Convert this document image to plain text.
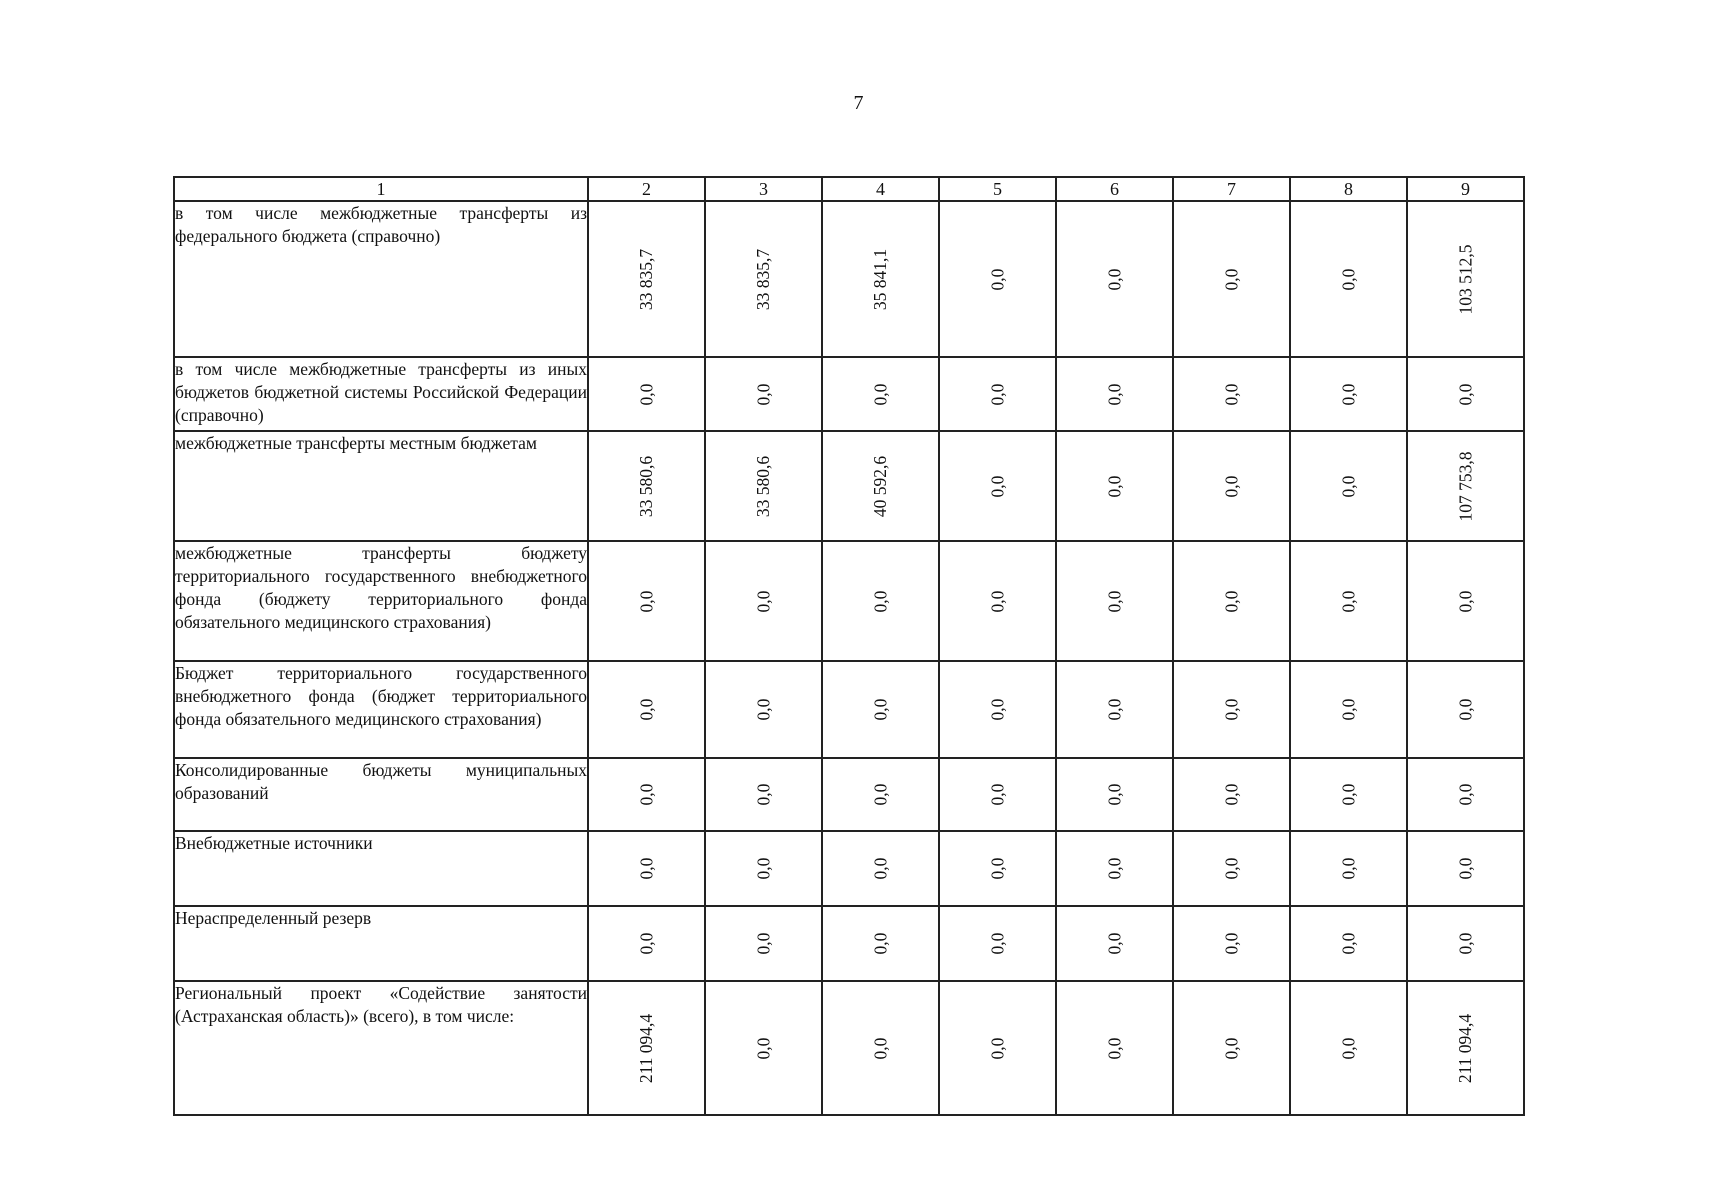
7
1	2	3	4	5	6	7	8	9
в том числе межбюджетные трансферты из федерального бюджета (справочно)	33 835,7	33 835,7	35 841,1	0,0	0,0	0,0	0,0	103 512,5
в том числе межбюджетные трансферты из иных бюджетов бюджетной системы Российской Федерации (справочно)	0,0	0,0	0,0	0,0	0,0	0,0	0,0	0,0
межбюджетные трансферты местным бюджетам	33 580,6	33 580,6	40 592,6	0,0	0,0	0,0	0,0	107 753,8
межбюджетные трансферты бюджету территориального государственного внебюджетного фонда (бюджету территориального фонда обязательного медицинского страхования)	0,0	0,0	0,0	0,0	0,0	0,0	0,0	0,0
Бюджет территориального государственного внебюджетного фонда (бюджет территориального фонда обязательного медицинского страхования)	0,0	0,0	0,0	0,0	0,0	0,0	0,0	0,0
Консолидированные бюджеты муниципальных образований	0,0	0,0	0,0	0,0	0,0	0,0	0,0	0,0
Внебюджетные источники	0,0	0,0	0,0	0,0	0,0	0,0	0,0	0,0
Нераспределенный резерв	0,0	0,0	0,0	0,0	0,0	0,0	0,0	0,0
Региональный проект «Содействие занятости (Астраханская область)» (всего), в том числе:	211 094,4	0,0	0,0	0,0	0,0	0,0	0,0	211 094,4
